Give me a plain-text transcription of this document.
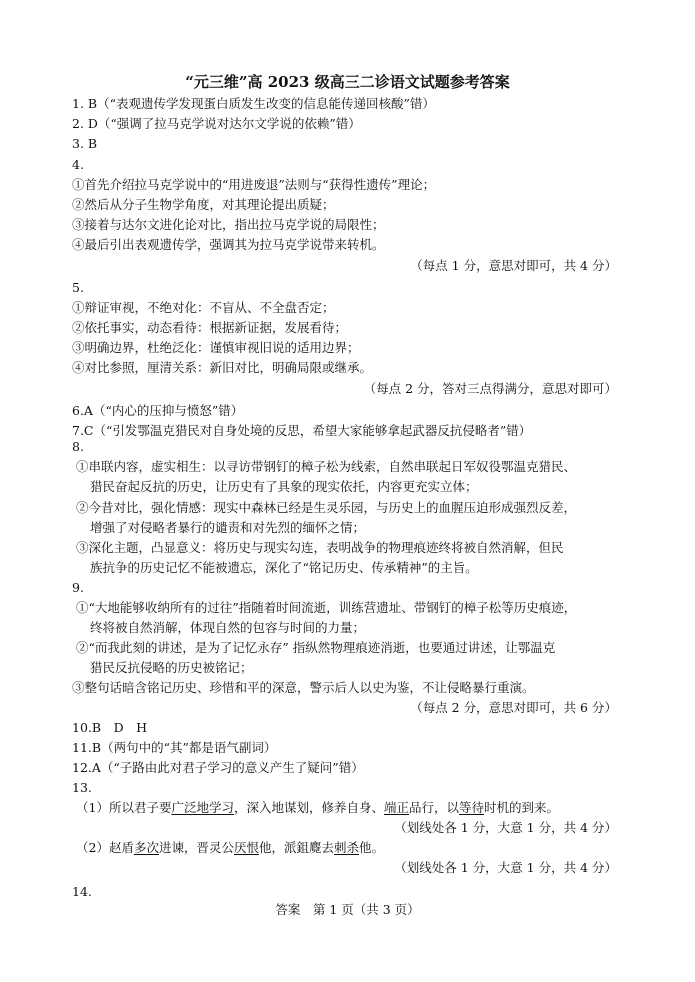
“元三维”高 2023 级高三二诊语文试题参考答案
1. B（“表观遗传学发现蛋白质发生改变的信息能传递回核酸”错）
2. D（“强调了拉马克学说对达尔文学说的依赖”错）
3. B
4.
①首先介绍拉马克学说中的“用进废退”法则与“获得性遗传”理论；
②然后从分子生物学角度，对其理论提出质疑；
③接着与达尔文进化论对比，指出拉马克学说的局限性；
④最后引出表观遗传学，强调其为拉马克学说带来转机。
（每点 1 分，意思对即可，共 4 分）
5.
①辩证审视，不绝对化：不盲从、不全盘否定；
②依托事实，动态看待：根据新证据，发展看待；
③明确边界，杜绝泛化：谨慎审视旧说的适用边界；
④对比参照，厘清关系：新旧对比，明确局限或继承。
（每点 2 分，答对三点得满分，意思对即可）
6.A（“内心的压抑与愤怒”错）
7.C（“引发鄂温克猎民对自身处境的反思，希望大家能够拿起武器反抗侵略者”错）
8.
①串联内容，虚实相生：以寻访带钢钉的樟子松为线索，自然串联起日军奴役鄂温克猎民、
猎民奋起反抗的历史，让历史有了具象的现实依托，内容更充实立体；
②今昔对比，强化情感：现实中森林已经是生灵乐园，与历史上的血腥压迫形成强烈反差，
增强了对侵略者暴行的谴责和对先烈的缅怀之情；
③深化主题，凸显意义：将历史与现实勾连，表明战争的物理痕迹终将被自然消解，但民
族抗争的历史记忆不能被遗忘，深化了“铭记历史、传承精神”的主旨。
9.
①“大地能够收纳所有的过往”指随着时间流逝，训练营遗址、带钢钉的樟子松等历史痕迹，
终将被自然消解，体现自然的包容与时间的力量；
②“而我此刻的讲述，是为了记忆永存” 指纵然物理痕迹消逝，也要通过讲述，让鄂温克
猎民反抗侵略的历史被铭记；
③整句话暗含铭记历史、珍惜和平的深意，警示后人以史为鉴，不让侵略暴行重演。
（每点 2 分，意思对即可，共 6 分）
10.B　D　H
11.B（两句中的“其”都是语气副词）
12.A（“子路由此对君子学习的意义产生了疑问”错）
13.
（1）所以君子要广泛地学习，深入地谋划，修养自身、端正品行，以等待时机的到来。
（划线处各 1 分，大意 1 分，共 4 分）
（2）赵盾多次进谏，晋灵公厌恨他，派鉏麑去刺杀他。
（划线处各 1 分，大意 1 分，共 4 分）
14.
答案　第 1 页（共 3 页）
